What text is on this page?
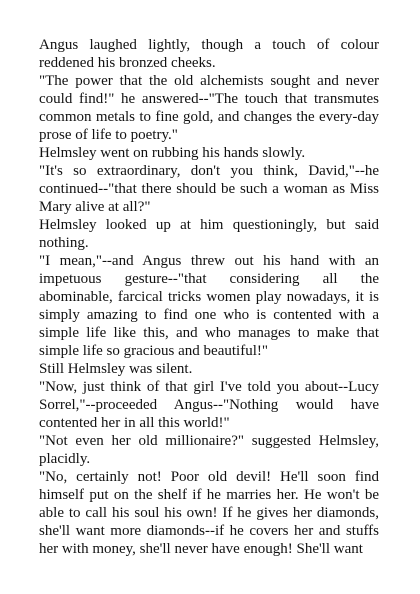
Angus laughed lightly, though a touch of colour reddened his bronzed cheeks.

"The power that the old alchemists sought and never could find!" he answered--"The touch that transmutes common metals to fine gold, and changes the every-day prose of life to poetry."

Helmsley went on rubbing his hands slowly.

"It's so extraordinary, don't you think, David,"--he continued--"that there should be such a woman as Miss Mary alive at all?"

Helmsley looked up at him questioningly, but said nothing.

"I mean,"--and Angus threw out his hand with an impetuous gesture--"that considering all the abominable, farcical tricks women play nowadays, it is simply amazing to find one who is contented with a simple life like this, and who manages to make that simple life so gracious and beautiful!"

Still Helmsley was silent.

"Now, just think of that girl I've told you about--Lucy Sorrel,"--proceeded Angus--"Nothing would have contented her in all this world!"

"Not even her old millionaire?" suggested Helmsley, placidly.

"No, certainly not! Poor old devil! He'll soon find himself put on the shelf if he marries her. He won't be able to call his soul his own! If he gives her diamonds, she'll want more diamonds--if he covers her and stuffs her with money, she'll never have enough! She'll want
